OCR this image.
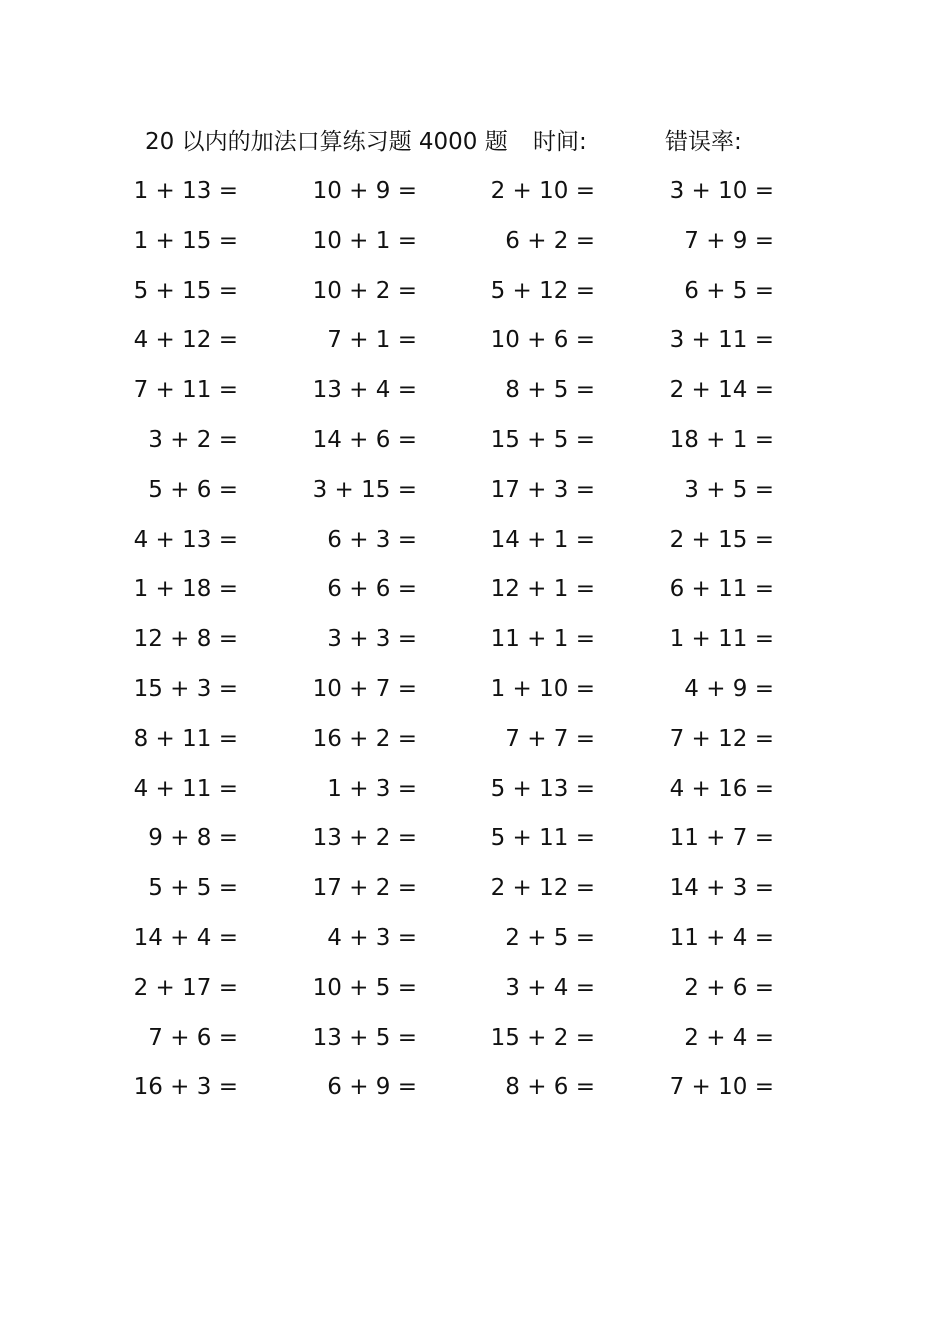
20 以内的加法口算练习题 4000 题 时间:	错误率:
1 + 13 =	10 + 9 =	2 + 10 =	3 + 10 =
1 + 15 =	10 + 1 =	6 + 2 =	7 + 9 =
5 + 15 =	10 + 2 =	5 + 12 =	6 + 5 =
4 + 12 =	7 + 1 =	10 + 6 =	3 + 11 =
7 + 11 =	13 + 4 =	8 + 5 =	2 + 14 =
3 + 2 =	14 + 6 =	15 + 5 =	18 + 1 =
5 + 6 =	3 + 15 =	17 + 3 =	3 + 5 =
4 + 13 =	6 + 3 =	14 + 1 =	2 + 15 =
1 + 18 =	6 + 6 =	12 + 1 =	6 + 11 =
12 + 8 =	3 + 3 =	11 + 1 =	1 + 11 =
15 + 3 =	10 + 7 =	1 + 10 =	4 + 9 =
8 + 11 =	16 + 2 =	7 + 7 =	7 + 12 =
4 + 11 =	1 + 3 =	5 + 13 =	4 + 16 =
9 + 8 =	13 + 2 =	5 + 11 =	11 + 7 =
5 + 5 =	17 + 2 =	2 + 12 =	14 + 3 =
14 + 4 =	4 + 3 =	2 + 5 =	11 + 4 =
2 + 17 =	10 + 5 =	3 + 4 =	2 + 6 =
7 + 6 =	13 + 5 =	15 + 2 =	2 + 4 =
16 + 3 =	6 + 9 =	8 + 6 =	7 + 10 =
